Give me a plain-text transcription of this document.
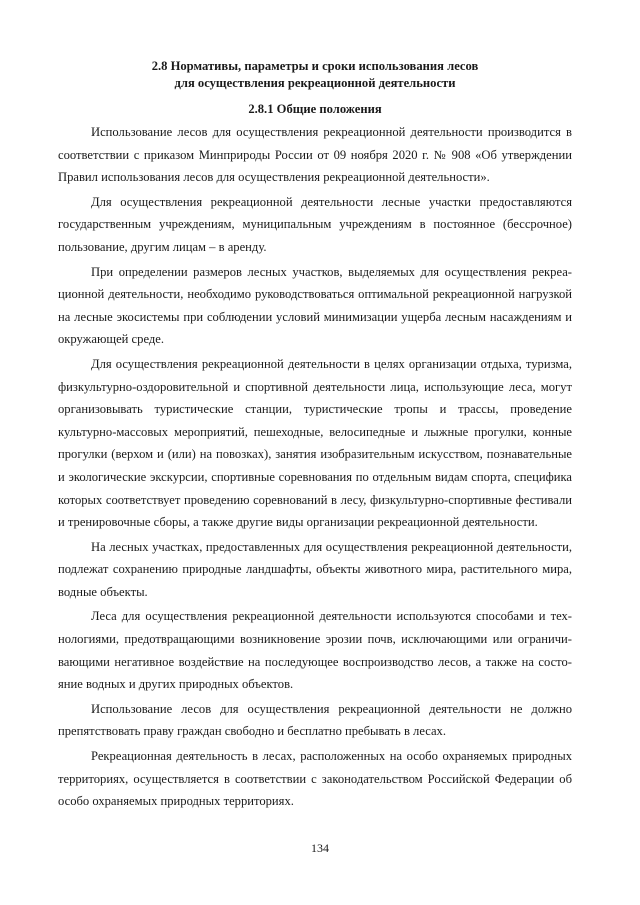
2.8 Нормативы, параметры и сроки использования лесов

для осуществления рекреационной деятельности

2.8.1 Общие положения

Использование лесов для осуществления рекреационной деятельности производится в соответствии с приказом Минприроды России от 09 ноября 2020 г. № 908 «Об утверждении Правил использования лесов для осуществления рекреационной деятельности».

Для осуществления рекреационной деятельности лесные участки предоставляются государственным учреждениям, муниципальным учреждениям в постоянное (бессрочное) пользование, другим лицам – в аренду.

При определении размеров лесных участков, выделяемых для осуществления рекреационной деятельности, необходимо руководствоваться оптимальной рекреационной нагрузкой на лесные экосистемы при соблюдении условий минимизации ущерба лесным насаждениям и окружающей среде.

Для осуществления рекреационной деятельности в целях организации отдыха, туризма, физкультурно-оздоровительной и спортивной деятельности лица, использующие леса, могут организовывать туристические станции, туристические тропы и трассы, проведение культурно-массовых мероприятий, пешеходные, велосипедные и лыжные прогулки, конные прогулки (верхом и (или) на повозках), занятия изобразительным искусством, познавательные и экологические экскурсии, спортивные соревнования по отдельным видам спорта, специфика которых соответствует проведению соревнований в лесу, физкультурно-спортивные фестивали и тренировочные сборы, а также другие виды организации рекреационной деятельности.

На лесных участках, предоставленных для осуществления рекреационной деятельности, подлежат сохранению природные ландшафты, объекты животного мира, растительного мира, водные объекты.

Леса для осуществления рекреационной деятельности используются способами и технологиями, предотвращающими возникновение эрозии почв, исключающими или ограничивающими негативное воздействие на последующее воспроизводство лесов, а также на состояние водных и других природных объектов.

Использование лесов для осуществления рекреационной деятельности не должно препятствовать праву граждан свободно и бесплатно пребывать в лесах.

Рекреационная деятельность в лесах, расположенных на особо охраняемых природных территориях, осуществляется в соответствии с законодательством Российской Федерации об особо охраняемых природных территориях.

134
